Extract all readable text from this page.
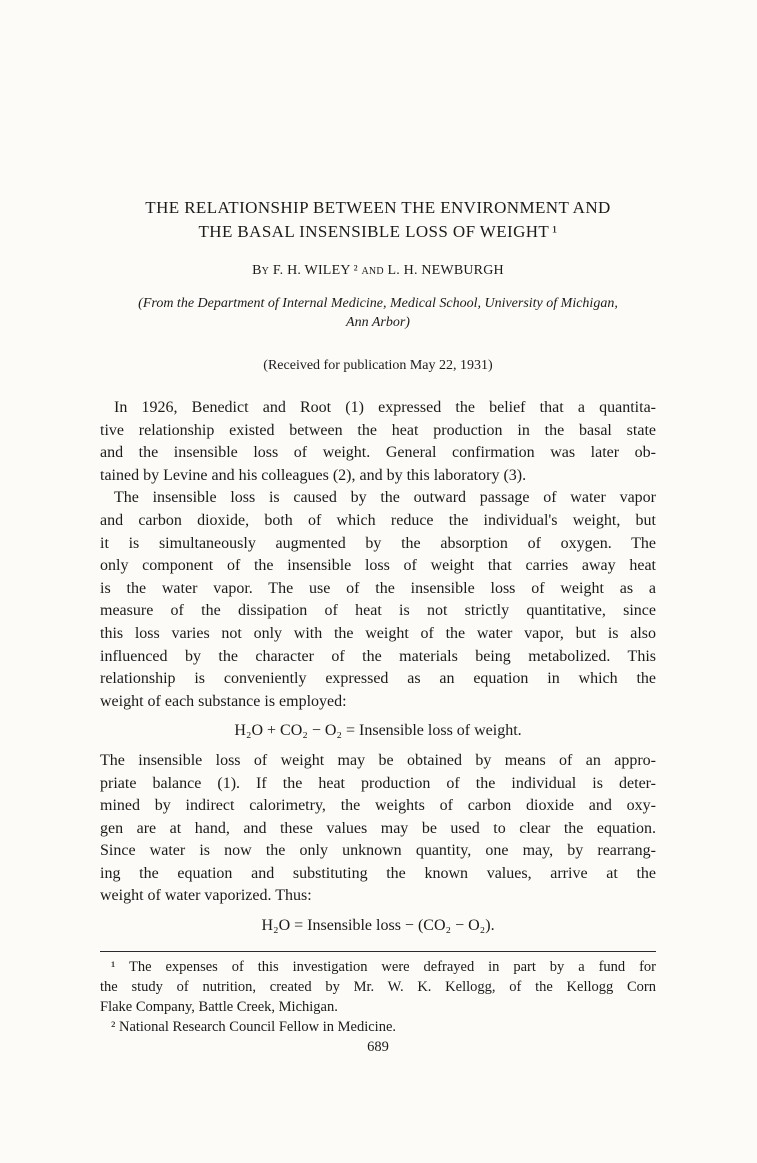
THE RELATIONSHIP BETWEEN THE ENVIRONMENT AND
THE BASAL INSENSIBLE LOSS OF WEIGHT ¹
By F. H. WILEY ² and L. H. NEWBURGH
(From the Department of Internal Medicine, Medical School, University of Michigan,
Ann Arbor)
(Received for publication May 22, 1931)
In 1926, Benedict and Root (1) expressed the belief that a quantita-
tive relationship existed between the heat production in the basal state
and the insensible loss of weight. General confirmation was later ob-
tained by Levine and his colleagues (2), and by this laboratory (3).
The insensible loss is caused by the outward passage of water vapor
and carbon dioxide, both of which reduce the individual's weight, but
it is simultaneously augmented by the absorption of oxygen. The
only component of the insensible loss of weight that carries away heat
is the water vapor. The use of the insensible loss of weight as a
measure of the dissipation of heat is not strictly quantitative, since
this loss varies not only with the weight of the water vapor, but is also
influenced by the character of the materials being metabolized. This
relationship is conveniently expressed as an equation in which the
weight of each substance is employed:
H₂O + CO₂ − O₂ = Insensible loss of weight.
The insensible loss of weight may be obtained by means of an appro-
priate balance (1). If the heat production of the individual is deter-
mined by indirect calorimetry, the weights of carbon dioxide and oxy-
gen are at hand, and these values may be used to clear the equation.
Since water is now the only unknown quantity, one may, by rearrang-
ing the equation and substituting the known values, arrive at the
weight of water vaporized. Thus:
H₂O = Insensible loss − (CO₂ − O₂).
¹ The expenses of this investigation were defrayed in part by a fund for
the study of nutrition, created by Mr. W. K. Kellogg, of the Kellogg Corn
Flake Company, Battle Creek, Michigan.
² National Research Council Fellow in Medicine.
689
